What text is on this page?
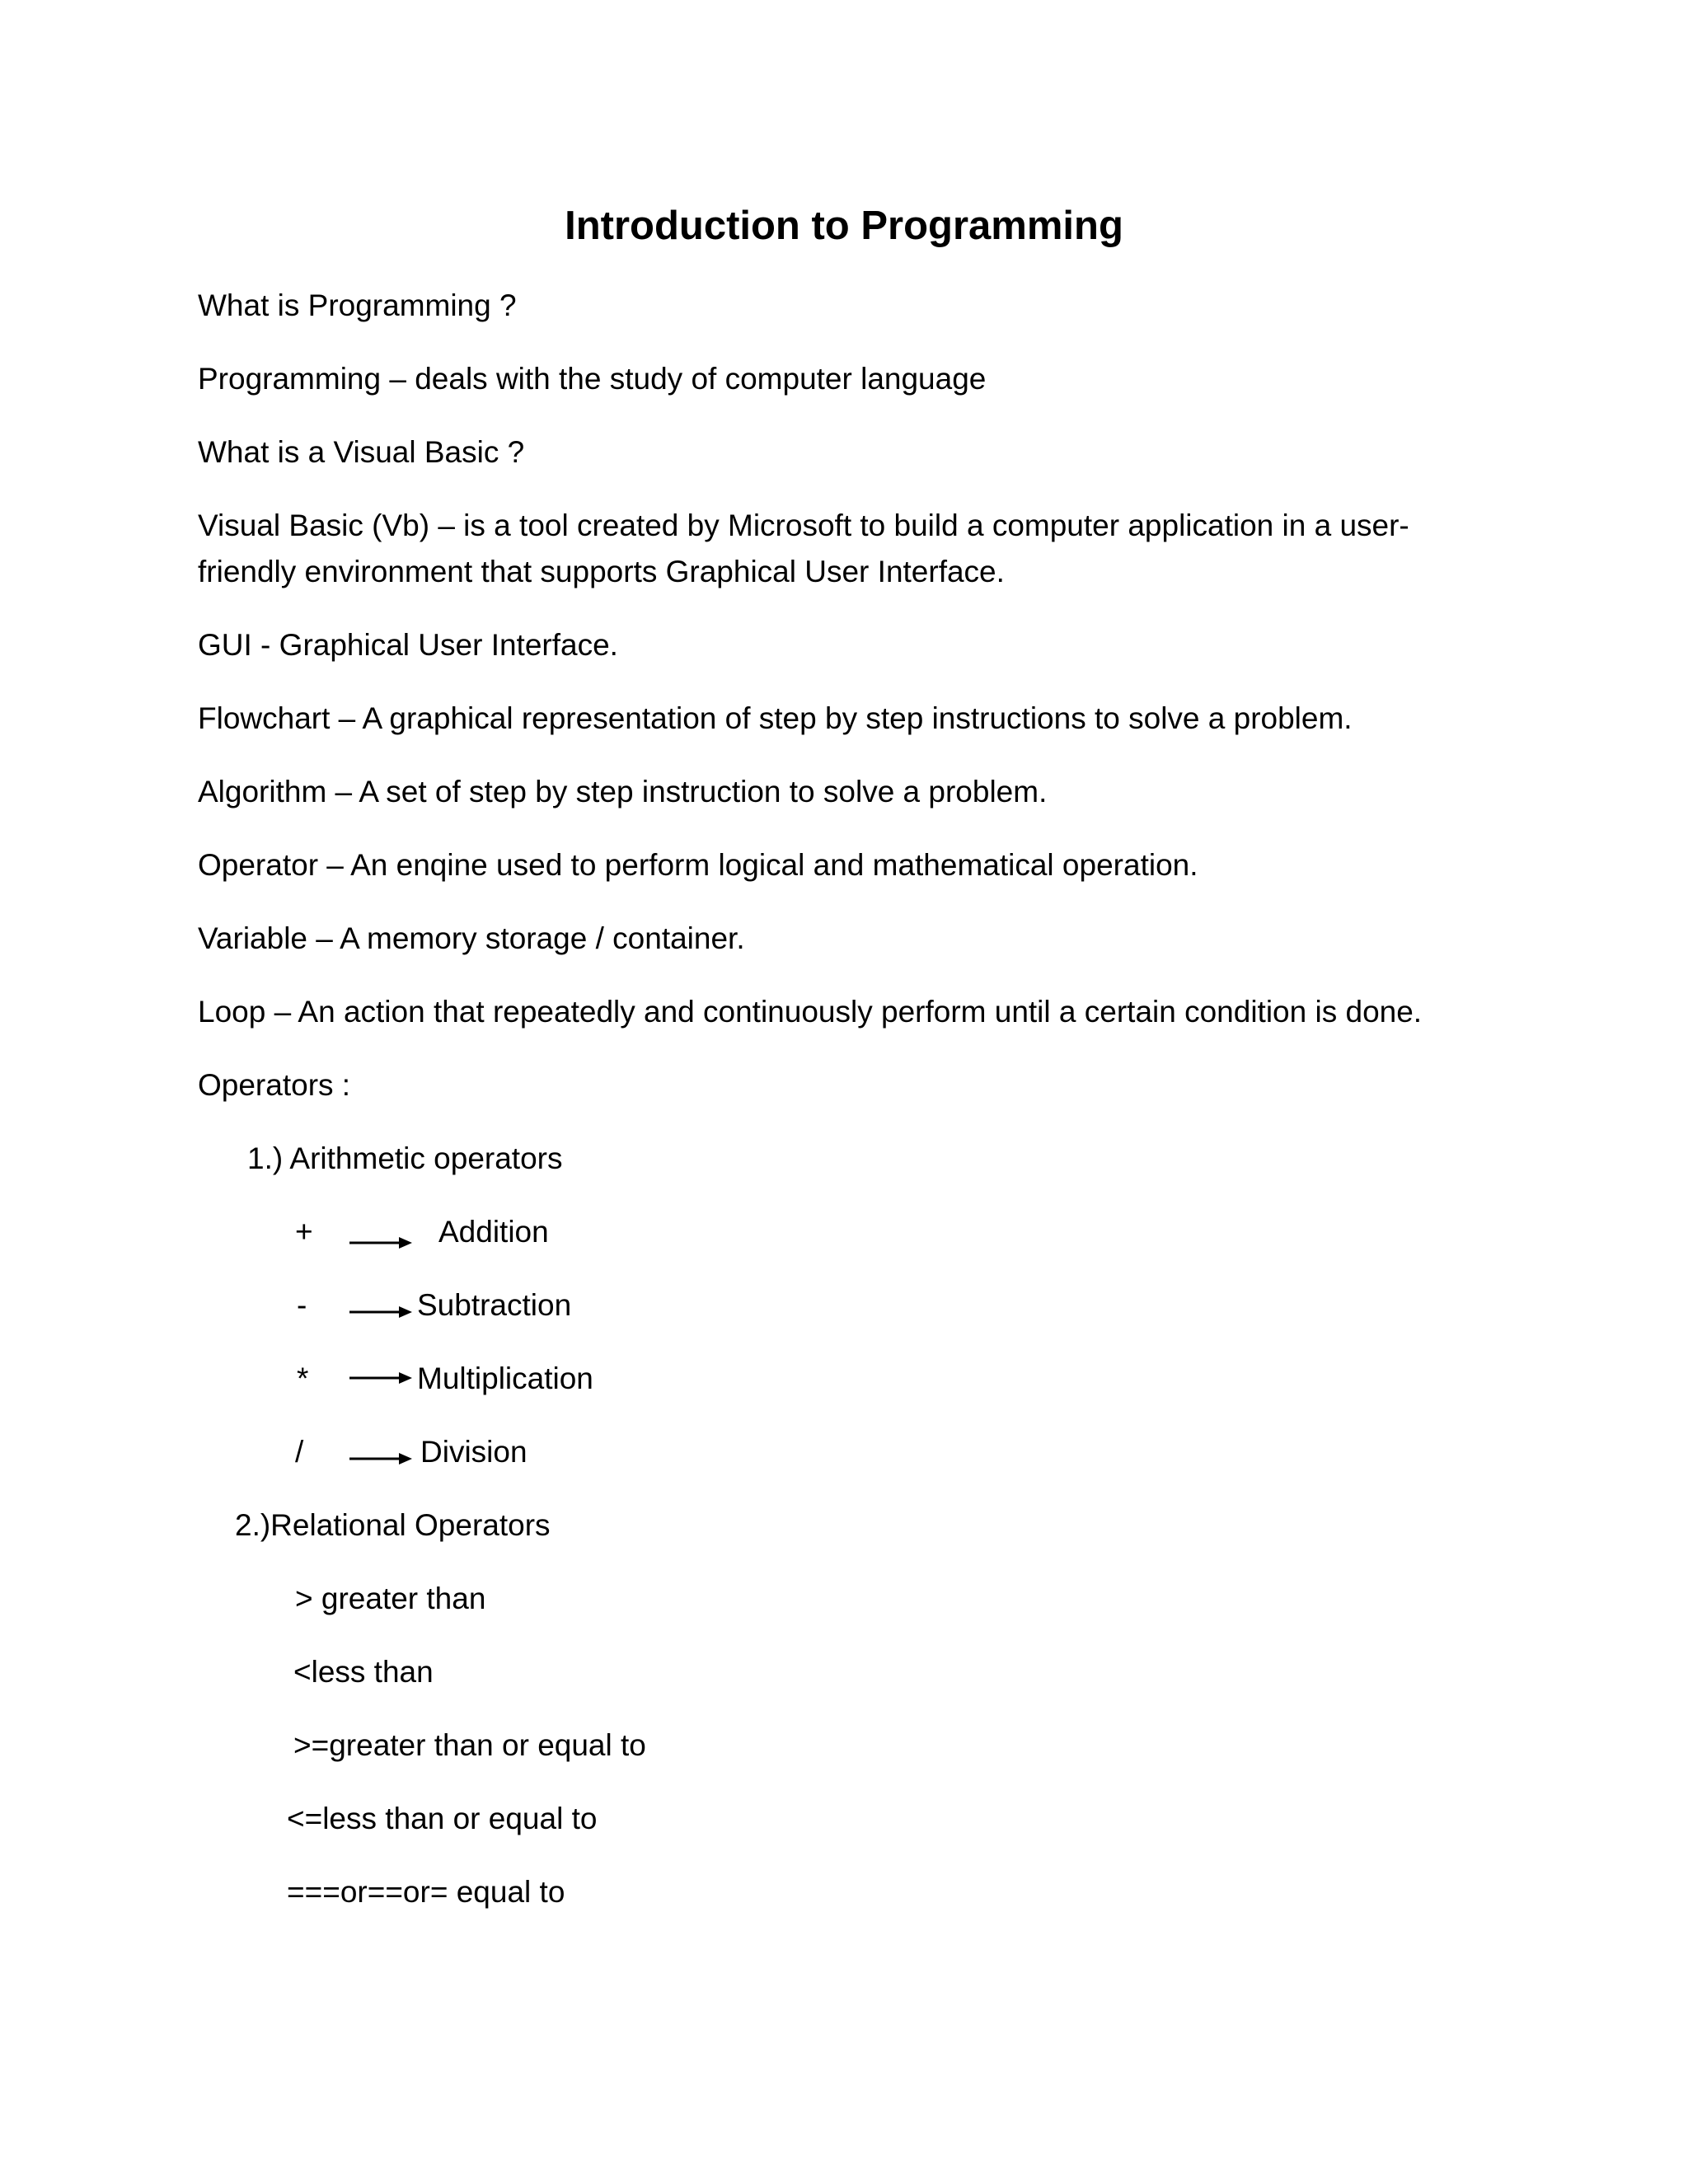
Introduction to Programming
What is Programming ?
Programming – deals with the study of computer language
What is a Visual Basic ?
Visual Basic (Vb) – is a tool created by Microsoft to build a computer application in a user-friendly environment that supports Graphical User Interface.
GUI - Graphical User Interface.
Flowchart – A graphical representation of step by step instructions to solve a problem.
Algorithm – A set of step by step instruction to solve a problem.
Operator – An enqine used to perform logical and mathematical operation.
Variable – A memory storage / container.
Loop – An action that repeatedly and continuously perform until a certain condition is done.
Operators :
1.) Arithmetic operators
+	Addition
-	Subtraction
*	Multiplication
/	Division
2.)Relational Operators
> greater than
<less than
>=greater than or equal to
<=less than or equal to
===or==or= equal to
